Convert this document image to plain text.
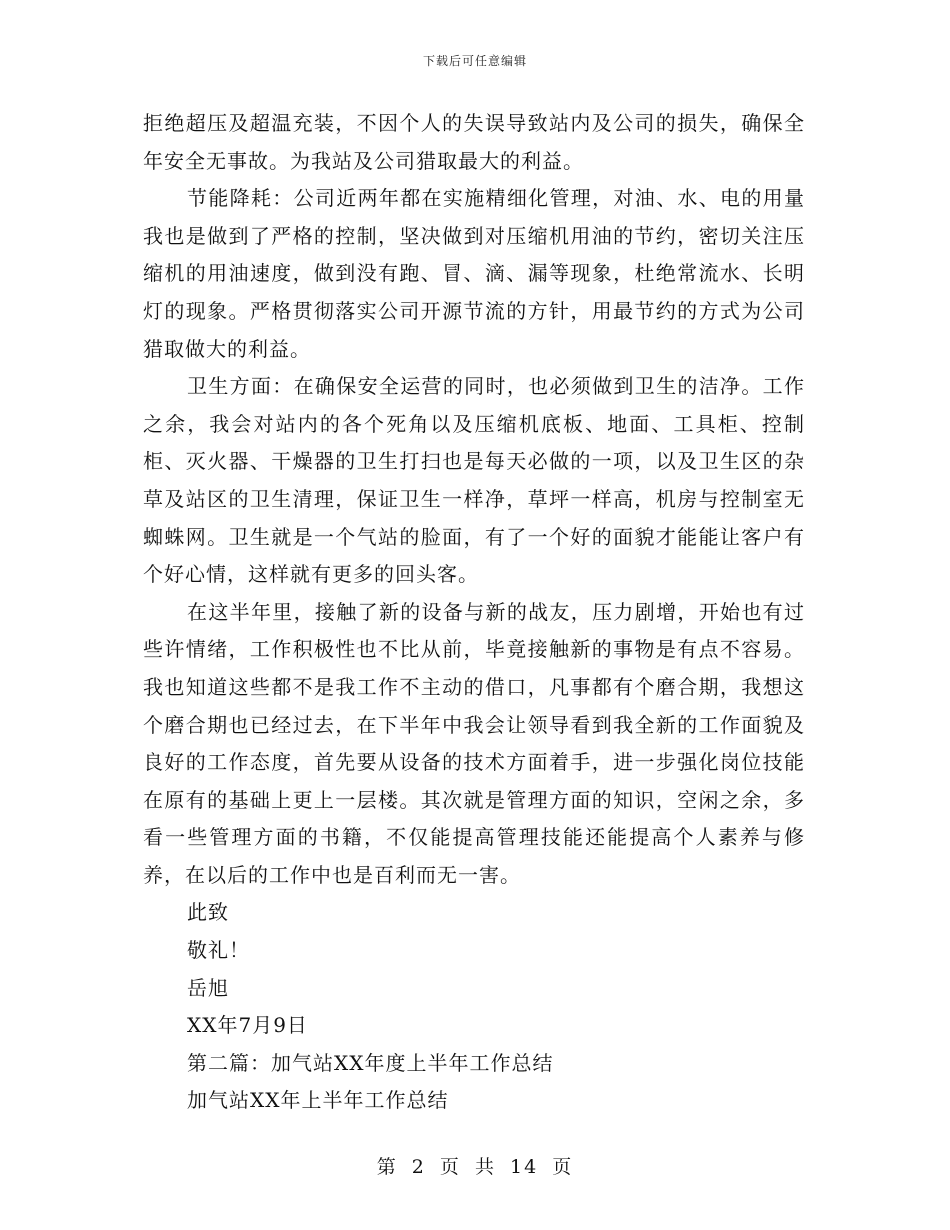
下载后可任意编辑

拒绝超压及超温充装，不因个人的失误导致站内及公司的损失，确保全年安全无事故。为我站及公司猎取最大的利益。

节能降耗：公司近两年都在实施精细化管理，对油、水、电的用量我也是做到了严格的控制，坚决做到对压缩机用油的节约，密切关注压缩机的用油速度，做到没有跑、冒、滴、漏等现象，杜绝常流水、长明灯的现象。严格贯彻落实公司开源节流的方针，用最节约的方式为公司猎取做大的利益。

卫生方面：在确保安全运营的同时，也必须做到卫生的洁净。工作之余，我会对站内的各个死角以及压缩机底板、地面、工具柜、控制柜、灭火器、干燥器的卫生打扫也是每天必做的一项，以及卫生区的杂草及站区的卫生清理，保证卫生一样净，草坪一样高，机房与控制室无蜘蛛网。卫生就是一个气站的脸面，有了一个好的面貌才能能让客户有个好心情，这样就有更多的回头客。

在这半年里，接触了新的设备与新的战友，压力剧增，开始也有过些许情绪，工作积极性也不比从前，毕竟接触新的事物是有点不容易。我也知道这些都不是我工作不主动的借口，凡事都有个磨合期，我想这个磨合期也已经过去，在下半年中我会让领导看到我全新的工作面貌及良好的工作态度，首先要从设备的技术方面着手，进一步强化岗位技能在原有的基础上更上一层楼。其次就是管理方面的知识，空闲之余，多看一些管理方面的书籍，不仅能提高管理技能还能提高个人素养与修养，在以后的工作中也是百利而无一害。

此致

敬礼！

岳旭

XX年7月9日

第二篇：加气站XX年度上半年工作总结

加气站XX年上半年工作总结

第 2 页 共 14 页
